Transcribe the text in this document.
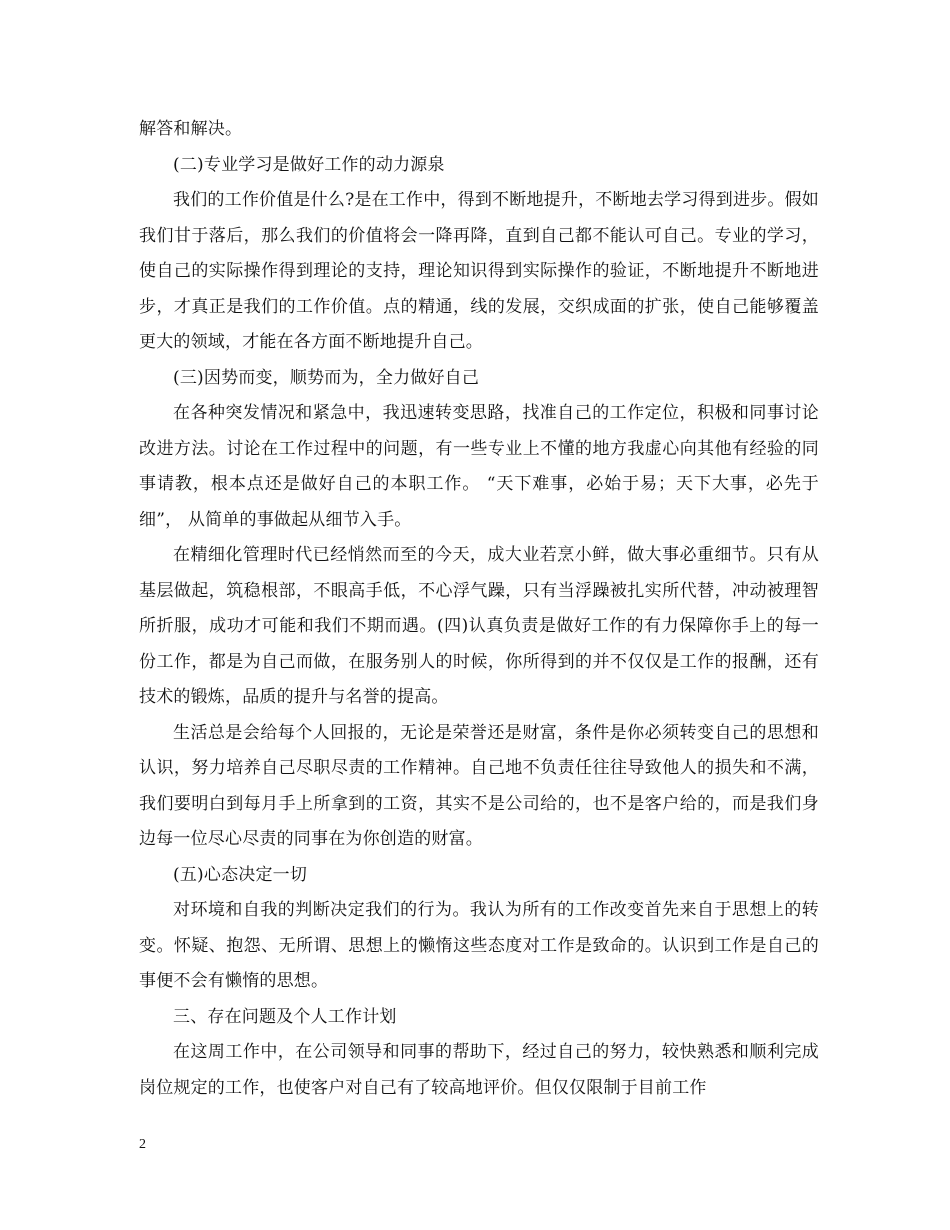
解答和解决。

(二)专业学习是做好工作的动力源泉

我们的工作价值是什么?是在工作中，得到不断地提升，不断地去学习得到进步。假如我们甘于落后，那么我们的价值将会一降再降，直到自己都不能认可自己。专业的学习，使自己的实际操作得到理论的支持，理论知识得到实际操作的验证，不断地提升不断地进步，才真正是我们的工作价值。点的精通，线的发展，交织成面的扩张，使自己能够覆盖更大的领域，才能在各方面不断地提升自己。

(三)因势而变，顺势而为，全力做好自己

在各种突发情况和紧急中，我迅速转变思路，找准自己的工作定位，积极和同事讨论改进方法。讨论在工作过程中的问题，有一些专业上不懂的地方我虚心向其他有经验的同事请教，根本点还是做好自己的本职工作。 “天下难事，必始于易；天下大事，必先于细”， 从简单的事做起从细节入手。

在精细化管理时代已经悄然而至的今天，成大业若烹小鲜，做大事必重细节。只有从基层做起，筑稳根部，不眼高手低，不心浮气躁，只有当浮躁被扎实所代替，冲动被理智所折服，成功才可能和我们不期而遇。(四)认真负责是做好工作的有力保障你手上的每一份工作，都是为自己而做，在服务别人的时候，你所得到的并不仅仅是工作的报酬，还有技术的锻炼，品质的提升与名誉的提高。

生活总是会给每个人回报的，无论是荣誉还是财富，条件是你必须转变自己的思想和认识，努力培养自己尽职尽责的工作精神。自己地不负责任往往导致他人的损失和不满，我们要明白到每月手上所拿到的工资，其实不是公司给的，也不是客户给的，而是我们身边每一位尽心尽责的同事在为你创造的财富。

(五)心态决定一切

对环境和自我的判断决定我们的行为。我认为所有的工作改变首先来自于思想上的转变。怀疑、抱怨、无所谓、思想上的懒惰这些态度对工作是致命的。认识到工作是自己的事便不会有懒惰的思想。

三、存在问题及个人工作计划

在这周工作中，在公司领导和同事的帮助下，经过自己的努力，较快熟悉和顺利完成岗位规定的工作，也使客户对自己有了较高地评价。但仅仅限制于目前工作

2
